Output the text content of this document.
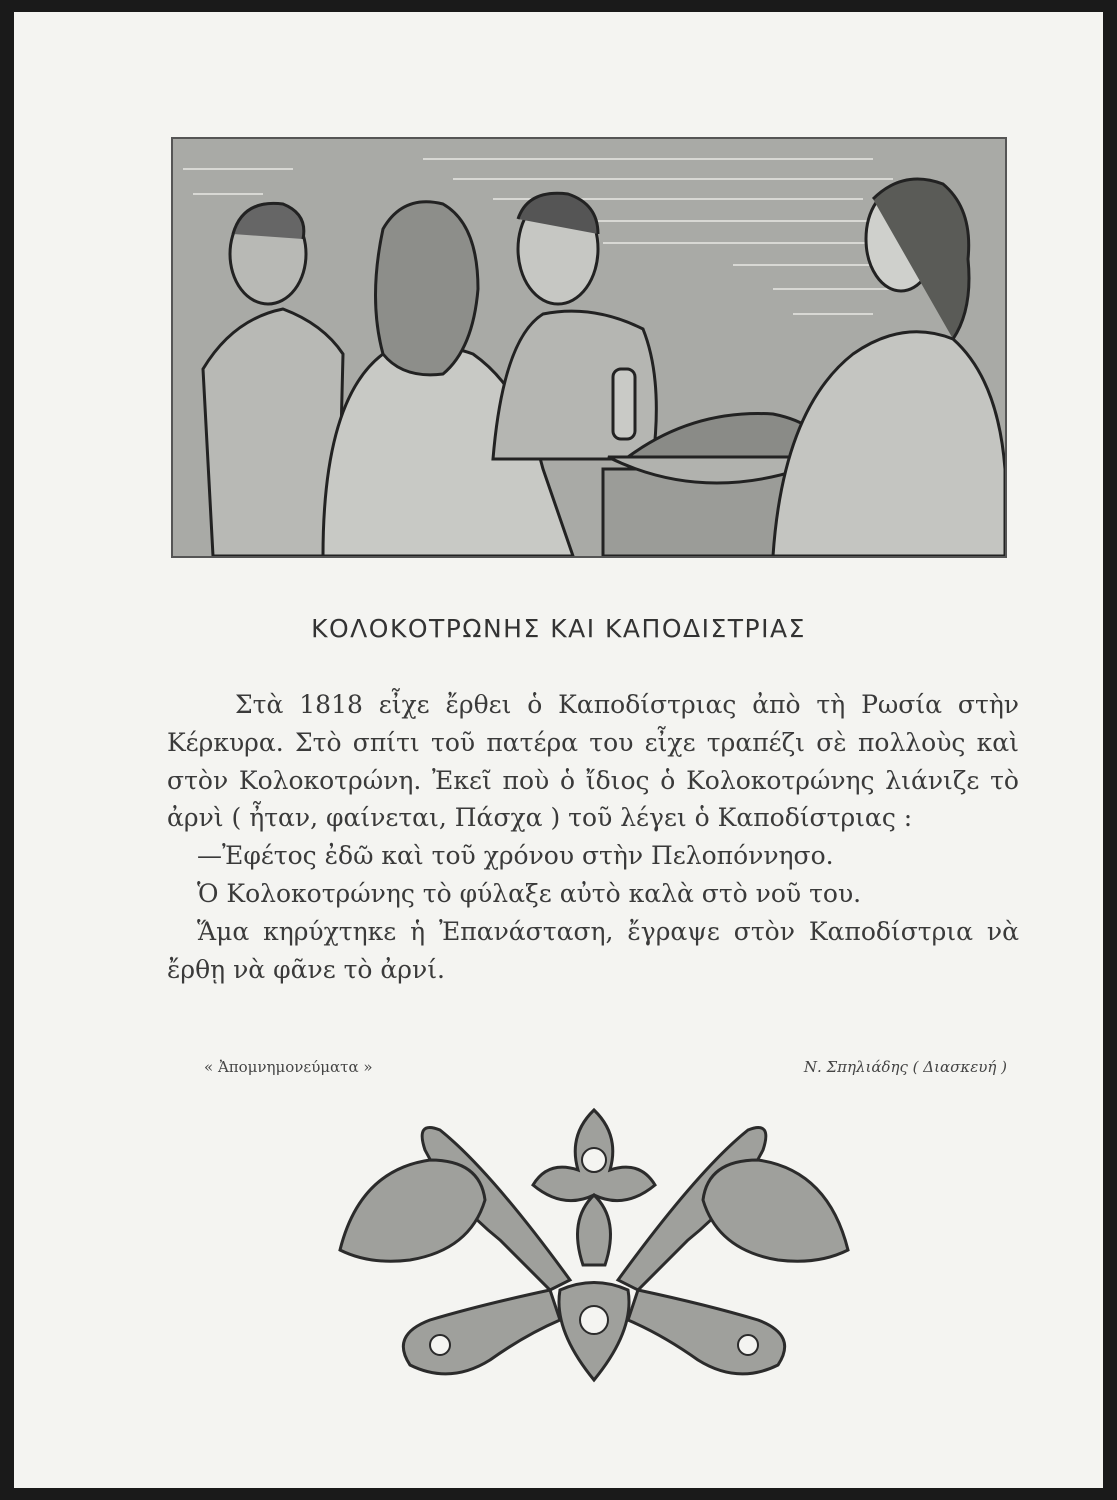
ΚΟΛΟΚΟΤΡΩΝΗΣ ΚΑΙ ΚΑΠΟΔΙΣΤΡΙΑΣ

Στὰ 1818 εἶχε ἔρθει ὁ Καποδίστριας ἀπὸ τὴ Ρωσία στὴν Κέρκυρα. Στὸ σπίτι τοῦ πατέρα του εἶχε τραπέζι σὲ πολλοὺς καὶ στὸν Κολοκοτρώνη. Ἐκεῖ ποὺ ὁ ἴδιος ὁ Κολοκοτρώνης λιάνιζε τὸ ἀρνὶ ( ἦταν, φαίνεται, Πάσχα ) τοῦ λέγει ὁ Καποδίστριας :

—Ἐφέτος ἐδῶ καὶ τοῦ χρόνου στὴν Πελοπόννησο.

Ὁ Κολοκοτρώνης τὸ φύλαξε αὐτὸ καλὰ στὸ νοῦ του.

Ἅμα κηρύχτηκε ἡ Ἐπανάσταση, ἔγραψε στὸν Καποδίστρια νὰ ἔρθῃ νὰ φᾶνε τὸ ἀρνί.

« Ἀπομνημονεύματα »	Ν. Σπηλιάδης ( Διασκευή )
